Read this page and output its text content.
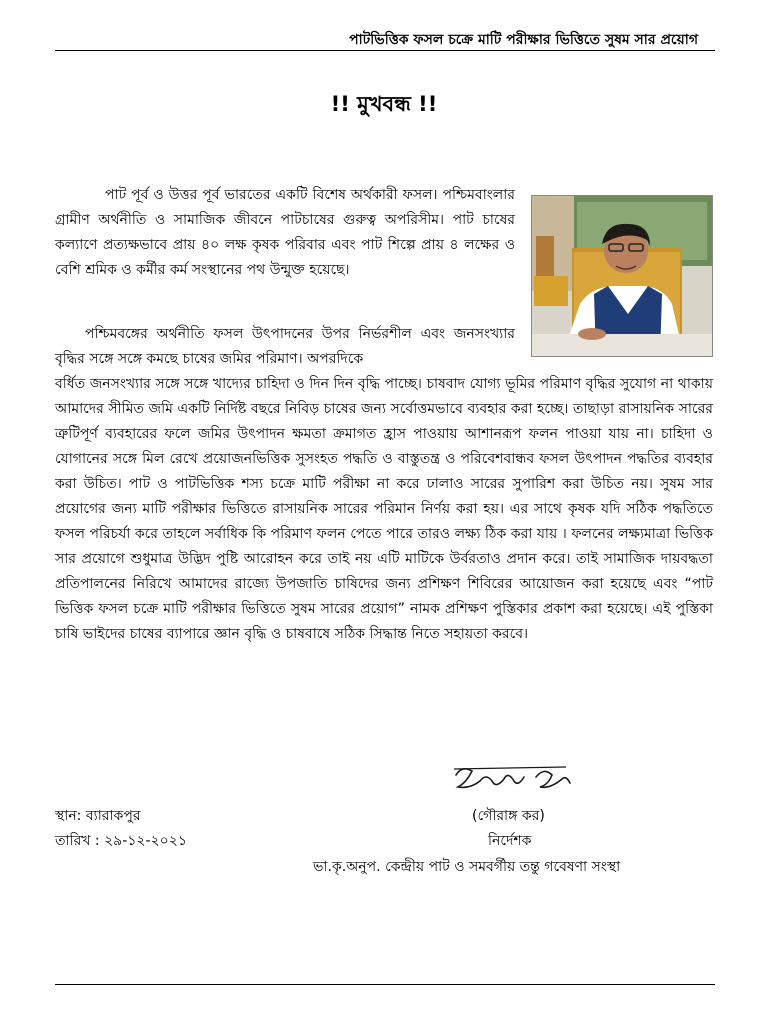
পাটভিত্তিক ফসল চক্রে মাটি পরীক্ষার ভিত্তিতে সুষম সার প্রয়োগ
!! মুখবন্ধ !!

পাট পূর্ব ও উত্তর পূর্ব ভারতের একটি বিশেষ অর্থকারী ফসল। পশ্চিমবাংলার গ্রামীণ অর্থনীতি ও সামাজিক জীবনে পাটচাষের গুরুত্ব অপরিসীম। পাট চাষের কল্যাণে প্রত্যক্ষভাবে প্রায় ৪০ লক্ষ কৃষক পরিবার এবং পাট শিল্পে প্রায় ৪ লক্ষের ও বেশি শ্রমিক ও কর্মীর কর্ম সংস্থানের পথ উন্মুক্ত হয়েছে।

পশ্চিমবঙ্গের অর্থনীতি ফসল উৎপাদনের উপর নির্ভরশীল এবং জনসংখ্যার বৃদ্ধির সঙ্গে সঙ্গে কমছে চাষের জমির পরিমাণ। অপরদিকে

বর্ধিত জনসংখ্যার সঙ্গে সঙ্গে খাদ্যের চাহিদা ও দিন দিন বৃদ্ধি পাচ্ছে। চাষবাদ যোগ্য ভূমির পরিমাণ বৃদ্ধির সুযোগ না থাকায় আমাদের সীমিত জমি একটি নির্দিষ্ট বছরে নিবিড় চাষের জন্য সর্বোত্তমভাবে ব্যবহার করা হচ্ছে। তাছাড়া রাসায়নিক সারের ত্রুটিপূর্ণ ব্যবহারের ফলে জমির উৎপাদন ক্ষমতা ক্রমাগত হ্রাস পাওয়ায় আশানরূপ ফলন পাওয়া যায় না। চাহিদা ও যোগানের সঙ্গে মিল রেখে প্রয়োজনভিত্তিক সুসংহত পদ্ধতি ও বাস্তুতন্ত্র ও পরিবেশবান্ধব ফসল উৎপাদন পদ্ধতির ব্যবহার করা উচিত। পাট ও পাটভিত্তিক শস্য চক্রে মাটি পরীক্ষা না করে ঢালাও সারের সুপারিশ করা উচিত নয়। সুষম সার প্রয়োগের জন্য মাটি পরীক্ষার ভিত্তিতে রাসায়নিক সারের পরিমান নির্ণয় করা হয়। এর সাথে কৃষক যদি সঠিক পদ্ধতিতে ফসল পরিচর্যা করে তাহলে সর্বাধিক কি পরিমাণ ফলন পেতে পারে তারও লক্ষ্য ঠিক করা যায় । ফলনের লক্ষ্যমাত্রা ভিত্তিক সার প্রয়োগে শুধুমাত্র উদ্ভিদ পুষ্টি আরোহন করে তাই নয় এটি মাটিকে উর্বরতাও প্রদান করে। তাই সামাজিক দায়বদ্ধতা প্রতিপালনের নিরিখে আমাদের রাজ্যে উপজাতি চাষিদের জন্য প্রশিক্ষণ শিবিরের আয়োজন করা হয়েছে এবং “পাট ভিত্তিক ফসল চক্রে মাটি পরীক্ষার ভিত্তিতে সুষম সারের প্রয়োগ” নামক প্রশিক্ষণ পুস্তিকার প্রকাশ করা হয়েছে। এই পুস্তিকা চাষি ভাইদের চাষের ব্যাপারে জ্ঞান বৃদ্ধি ও চাষবাষে সঠিক সিদ্ধান্ত নিতে সহায়তা করবে।

(গৌরাঙ্গ কর)
নির্দেশক
ভা.কৃ.অনুপ. কেন্দ্রীয় পাট ও সমবর্গীয় তন্তু গবেষণা সংস্থা
স্থান: ব্যারাকপুর
তারিখ : ২৯-১২-২০২১
